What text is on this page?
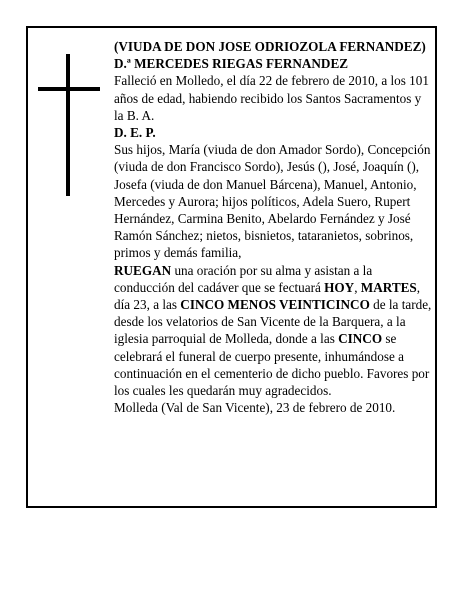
(VIUDA DE DON JOSE ODRIOZOLA FERNANDEZ)

D.ª MERCEDES RIEGAS FERNANDEZ

Falleció en Molledo, el día 22 de febrero de 2010, a los 101 años de edad, habiendo recibido los Santos Sacramentos y la B. A.

D. E. P.

Sus hijos, María (viuda de don Amador Sordo), Concepción (viuda de don Francisco Sordo), Jesús (), José, Joaquín (), Josefa (viuda de don Manuel Bárcena), Manuel, Antonio, Mercedes y Aurora; hijos políticos, Adela Suero, Rupert Hernández, Carmina Benito, Abelardo Fernández y José Ramón Sánchez; nietos, bisnietos, tataranietos, sobrinos, primos y demás familia,

RUEGAN una oración por su alma y asistan a la conducción del cadáver que se fectuará HOY, MARTES, día 23, a las CINCO MENOS VEINTICINCO de la tarde, desde los velatorios de San Vicente de la Barquera, a la iglesia parroquial de Molleda, donde a las CINCO se celebrará el funeral de cuerpo presente, inhumándose a continuación en el cementerio de dicho pueblo. Favores por los cuales les quedarán muy agradecidos.

Molleda (Val de San Vicente), 23 de febrero de 2010.
